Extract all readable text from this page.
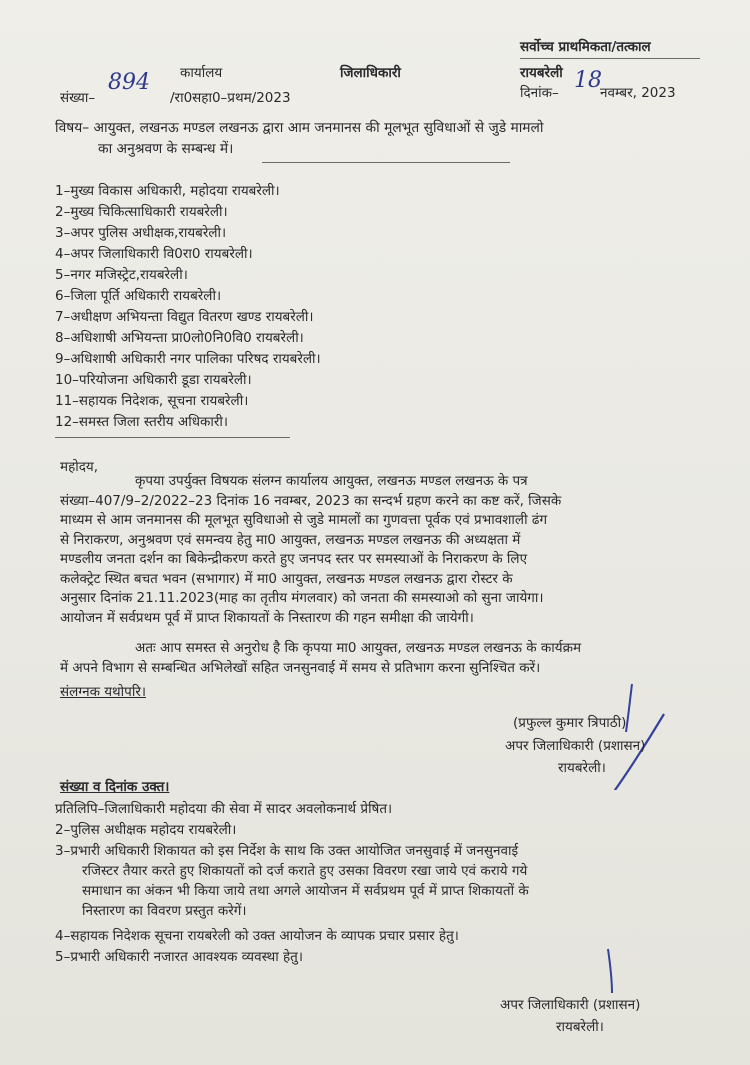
सर्वोच्च प्राथमिकता/तत्काल
कार्यालय	जिलाधिकारी	रायबरेली
संख्या–
894
/रा0सहा0–प्रथम/2023	दिनांक– 18
नवम्बर, 2023
विषय– आयुक्त, लखनऊ मण्डल लखनऊ द्वारा आम जनमानस की मूलभूत सुविधाओं से जुडे मामलो
का अनुश्रवण के सम्बन्ध में।
1–मुख्य विकास अधिकारी, महोदया रायबरेली।
2–मुख्य चिकित्साधिकारी रायबरेली।
3–अपर पुलिस अधीक्षक,रायबरेली।
4–अपर जिलाधिकारी वि0रा0 रायबरेली।
5–नगर मजिस्ट्रेट,रायबरेली।
6–जिला पूर्ति अधिकारी रायबरेली।
7–अधीक्षण अभियन्ता विद्युत वितरण खण्ड रायबरेली।
8–अधिशाषी अभियन्ता प्रा0लो0नि0वि0 रायबरेली।
9–अधिशाषी अधिकारी नगर पालिका परिषद रायबरेली।
10–परियोजना अधिकारी डूडा रायबरेली।
11–सहायक निदेशक, सूचना रायबरेली।
12–समस्त जिला स्तरीय अधिकारी।
महोदय,
कृपया उपर्युक्त विषयक संलग्न कार्यालय आयुक्त, लखनऊ मण्डल लखनऊ के पत्र
संख्या–407/9–2/2022–23 दिनांक 16 नवम्बर, 2023 का सन्दर्भ ग्रहण करने का कष्ट करें, जिसके
माध्यम से आम जनमानस की मूलभूत सुविधाओ से जुडे मामलों का गुणवत्ता पूर्वक एवं प्रभावशाली ढंग
से निराकरण, अनुश्रवण एवं समन्वय हेतु मा0 आयुक्त, लखनऊ मण्डल लखनऊ की अध्यक्षता में
मण्डलीय जनता दर्शन का बिकेन्द्रीकरण करते हुए जनपद स्तर पर समस्याओं के निराकरण के लिए
कलेक्ट्रेट स्थित बचत भवन (सभागार) में मा0 आयुक्त, लखनऊ मण्डल लखनऊ द्वारा रोस्टर के
अनुसार दिनांक 21.11.2023(माह का तृतीय मंगलवार) को जनता की समस्याओ को सुना जायेगा।
आयोजन में सर्वप्रथम पूर्व में प्राप्त शिकायतों के निस्तारण की गहन समीक्षा की जायेगी।
अतः आप समस्त से अनुरोध है कि कृपया मा0 आयुक्त, लखनऊ मण्डल लखनऊ के कार्यक्रम
में अपने विभाग से सम्बन्धित अभिलेखों सहित जनसुनवाई में समय से प्रतिभाग करना सुनिश्चित करें।
संलग्नक यथोपरि।
(प्रफुल्ल कुमार त्रिपाठी)
अपर जिलाधिकारी (प्रशासन)
रायबरेली।
संख्या व दिनांक उक्त।
प्रतिलिपि–जिलाधिकारी महोदया की सेवा में सादर अवलोकनार्थ प्रेषित।
2–पुलिस अधीक्षक महोदय रायबरेली।
3–प्रभारी अधिकारी शिकायत को इस निर्देश के साथ कि उक्त आयोजित जनसुवाई में जनसुनवाई
रजिस्टर तैयार करते हुए शिकायतों को दर्ज कराते हुए उसका विवरण रखा जाये एवं कराये गये
समाधान का अंकन भी किया जाये तथा अगले आयोजन में सर्वप्रथम पूर्व में प्राप्त शिकायतों के
निस्तारण का विवरण प्रस्तुत करेगें।
4–सहायक निदेशक सूचना रायबरेली को उक्त आयोजन के व्यापक प्रचार प्रसार हेतु।
5–प्रभारी अधिकारी नजारत आवश्यक व्यवस्था हेतु।
अपर जिलाधिकारी (प्रशासन)
रायबरेली।
